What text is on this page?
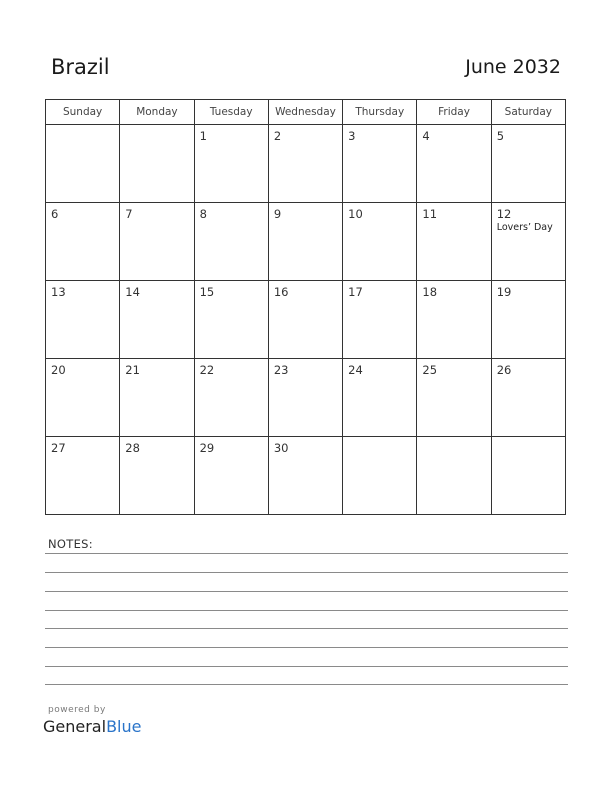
Brazil	June 2032
Sunday	Monday	Tuesday	Wednesday	Thursday	Friday	Saturday

		1	2	3	4	5

6	7	8	9	10	11	12
Lovers’ Day

13	14	15	16	17	18	19

20	21	22	23	24	25	26

27	28	29	30			

NOTES:
powered by
GeneralBlue
